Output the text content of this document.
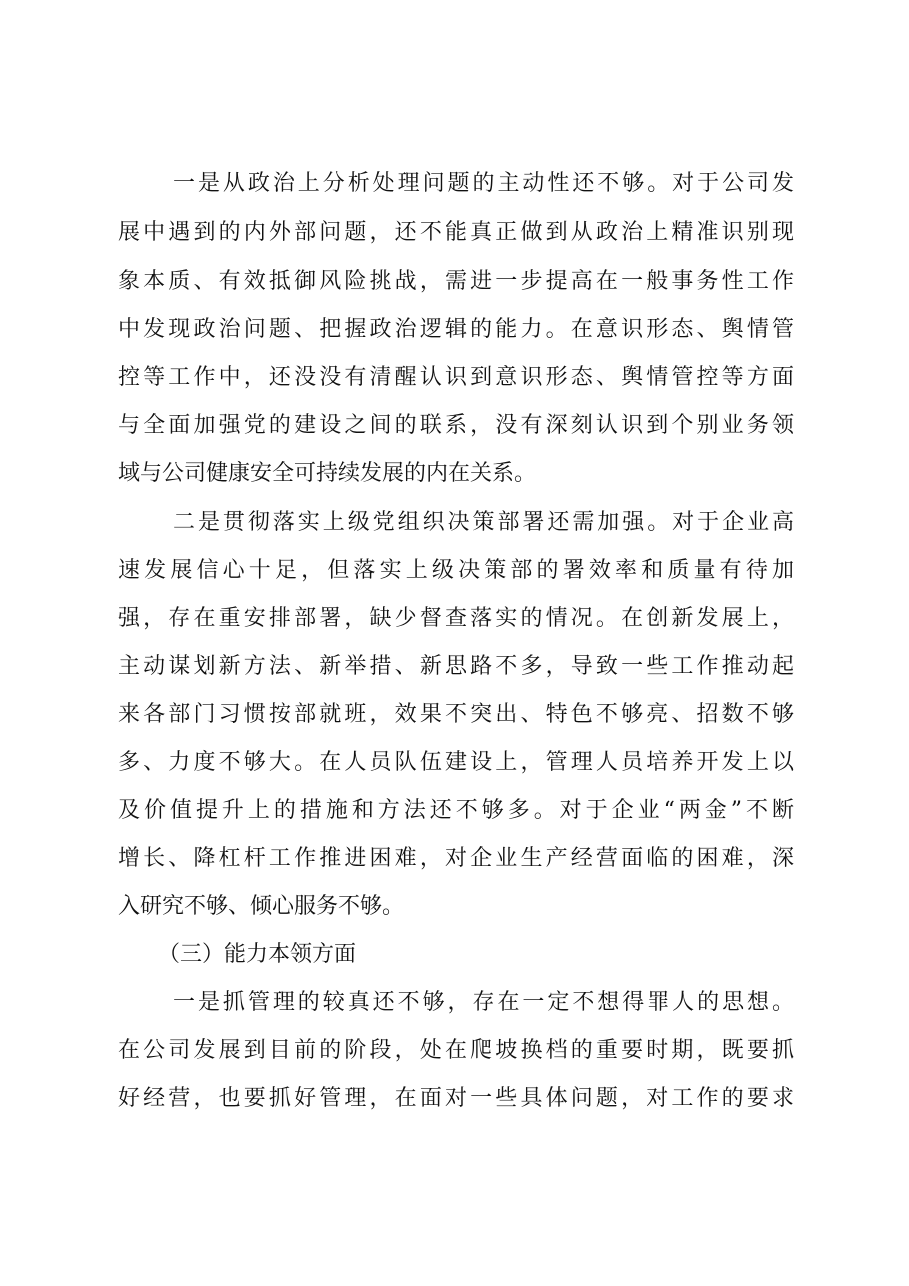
一是从政治上分析处理问题的主动性还不够。对于公司发
展中遇到的内外部问题，还不能真正做到从政治上精准识别现
象本质、有效抵御风险挑战，需进一步提高在一般事务性工作
中发现政治问题、把握政治逻辑的能力。在意识形态、舆情管
控等工作中，还没没有清醒认识到意识形态、舆情管控等方面
与全面加强党的建设之间的联系，没有深刻认识到个别业务领
域与公司健康安全可持续发展的内在关系。
二是贯彻落实上级党组织决策部署还需加强。对于企业高
速发展信心十足，但落实上级决策部的署效率和质量有待加
强，存在重安排部署，缺少督查落实的情况。在创新发展上，
主动谋划新方法、新举措、新思路不多，导致一些工作推动起
来各部门习惯按部就班，效果不突出、特色不够亮、招数不够
多、力度不够大。在人员队伍建设上，管理人员培养开发上以
及价值提升上的措施和方法还不够多。对于企业“两金”不断
增长、降杠杆工作推进困难，对企业生产经营面临的困难，深
入研究不够、倾心服务不够。
（三）能力本领方面
一是抓管理的较真还不够，存在一定不想得罪人的思想。
在公司发展到目前的阶段，处在爬坡换档的重要时期，既要抓
好经营，也要抓好管理，在面对一些具体问题，对工作的要求
